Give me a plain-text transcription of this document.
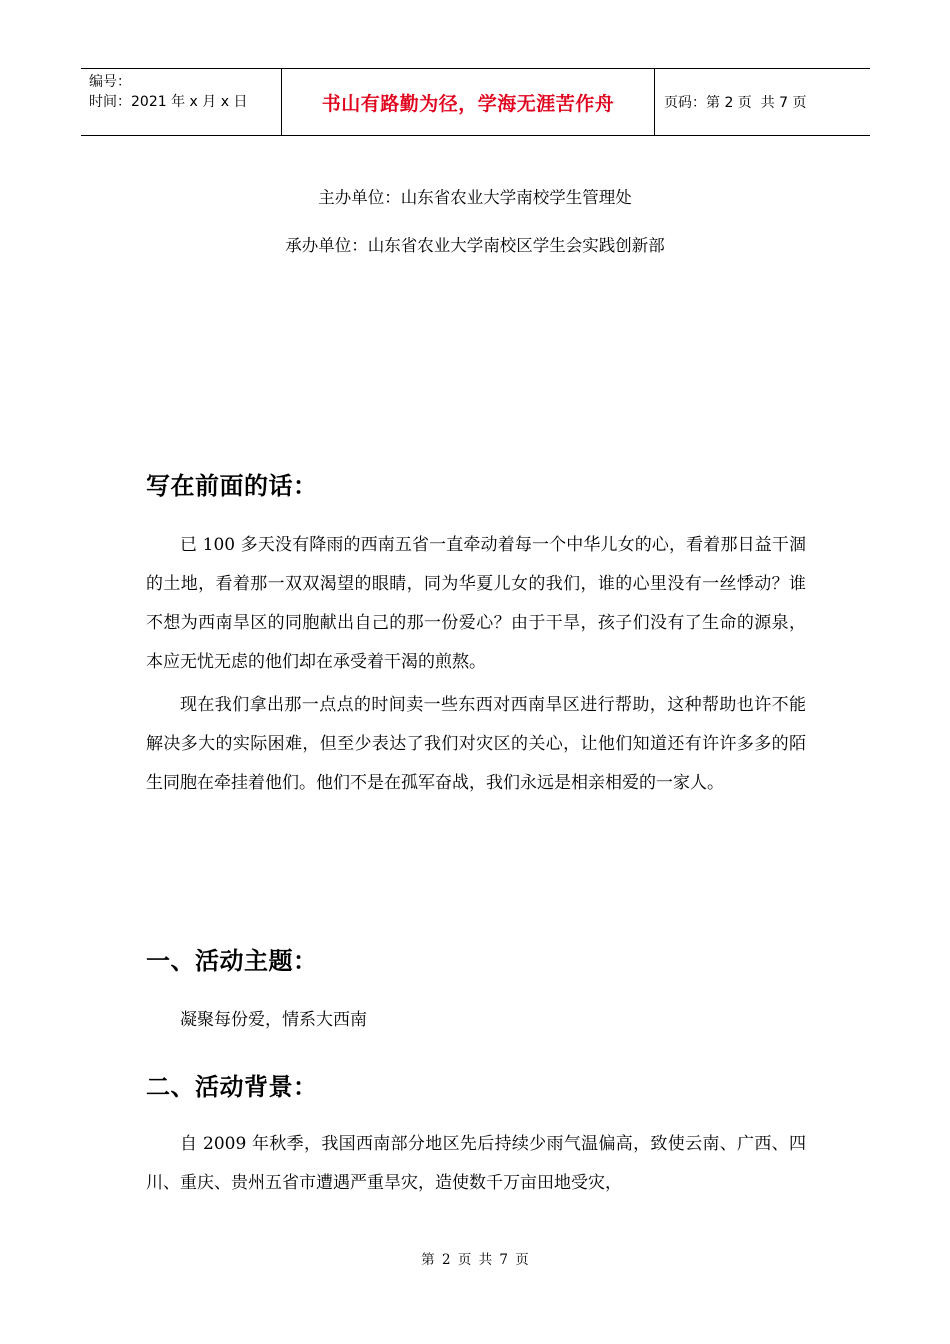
编号：
时间：2021 年 x 月 x 日	书山有路勤为径，学海无涯苦作舟	页码：第 2 页  共 7 页
主办单位：山东省农业大学南校学生管理处
承办单位：山东省农业大学南校区学生会实践创新部
写在前面的话：

已 100 多天没有降雨的西南五省一直牵动着每一个中华儿女的心，看着那日益干涸的土地，看着那一双双渴望的眼睛，同为华夏儿女的我们，谁的心里没有一丝悸动？谁不想为西南旱区的同胞献出自己的那一份爱心？由于干旱，孩子们没有了生命的源泉，本应无忧无虑的他们却在承受着干渴的煎熬。

现在我们拿出那一点点的时间卖一些东西对西南旱区进行帮助，这种帮助也许不能解决多大的实际困难，但至少表达了我们对灾区的关心，让他们知道还有许许多多的陌生同胞在牵挂着他们。他们不是在孤军奋战，我们永远是相亲相爱的一家人。

一、活动主题：

凝聚每份爱，情系大西南

二、活动背景：

自 2009 年秋季，我国西南部分地区先后持续少雨气温偏高，致使云南、广西、四川、重庆、贵州五省市遭遇严重旱灾，造使数千万亩田地受灾，

第 2 页 共 7 页
